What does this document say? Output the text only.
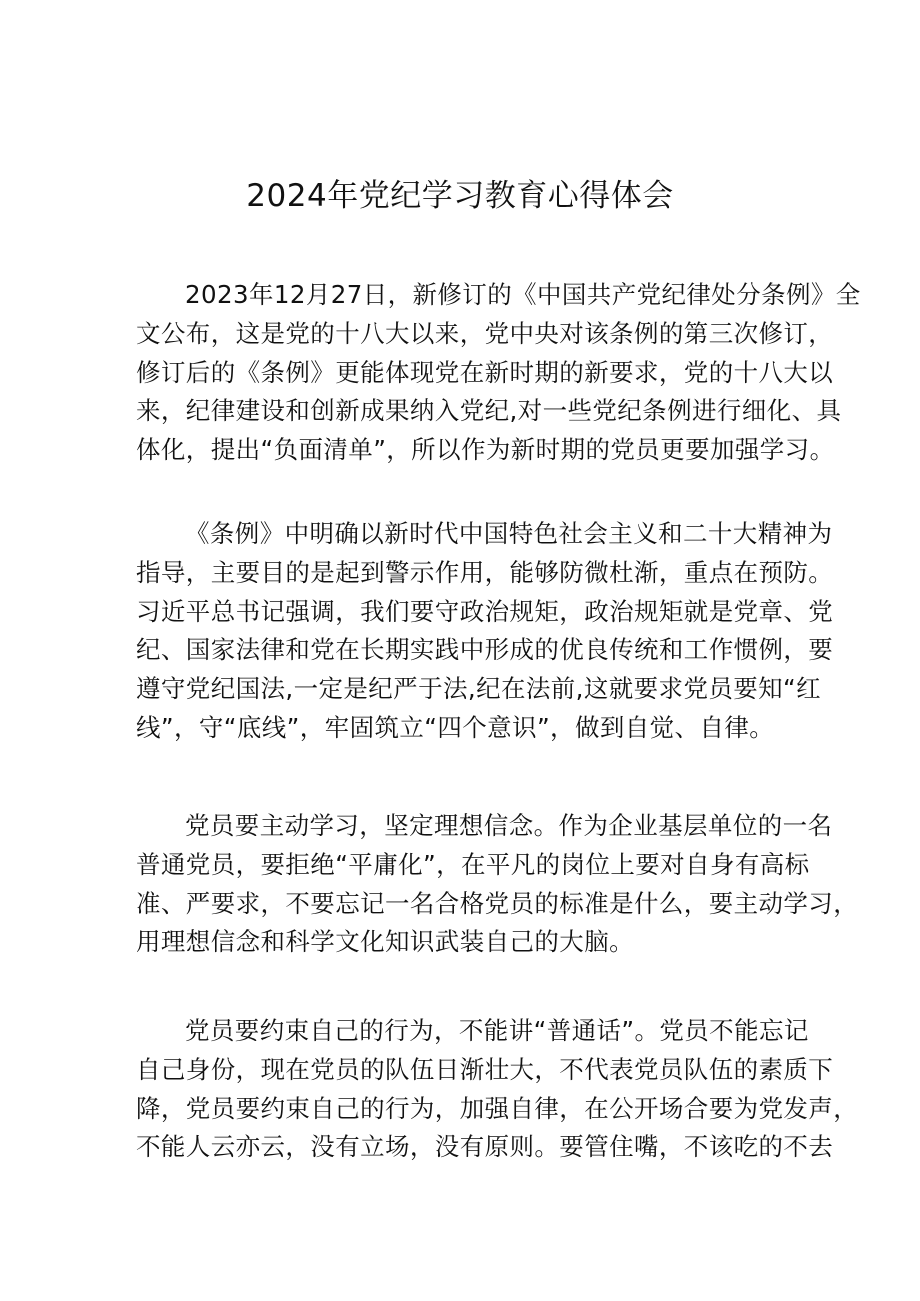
2024年党纪学习教育心得体会

2023年12月27日，新修订的《中国共产党纪律处分条例》全
文公布，这是党的十八大以来，党中央对该条例的第三次修订，
修订后的《条例》更能体现党在新时期的新要求，党的十八大以
来，纪律建设和创新成果纳入党纪,对一些党纪条例进行细化、具
体化，提出“负面清单”，所以作为新时期的党员更要加强学习。

《条例》中明确以新时代中国特色社会主义和二十大精神为
指导，主要目的是起到警示作用，能够防微杜渐，重点在预防。
习近平总书记强调，我们要守政治规矩，政治规矩就是党章、党
纪、国家法律和党在长期实践中形成的优良传统和工作惯例，要
遵守党纪国法,一定是纪严于法,纪在法前,这就要求党员要知“红
线”，守“底线”，牢固筑立“四个意识”，做到自觉、自律。

党员要主动学习，坚定理想信念。作为企业基层单位的一名
普通党员，要拒绝“平庸化”，在平凡的岗位上要对自身有高标
准、严要求，不要忘记一名合格党员的标准是什么，要主动学习，
用理想信念和科学文化知识武装自己的大脑。

党员要约束自己的行为，不能讲“普通话”。党员不能忘记
自己身份，现在党员的队伍日渐壮大，不代表党员队伍的素质下
降，党员要约束自己的行为，加强自律，在公开场合要为党发声，
不能人云亦云，没有立场，没有原则。要管住嘴，不该吃的不去
